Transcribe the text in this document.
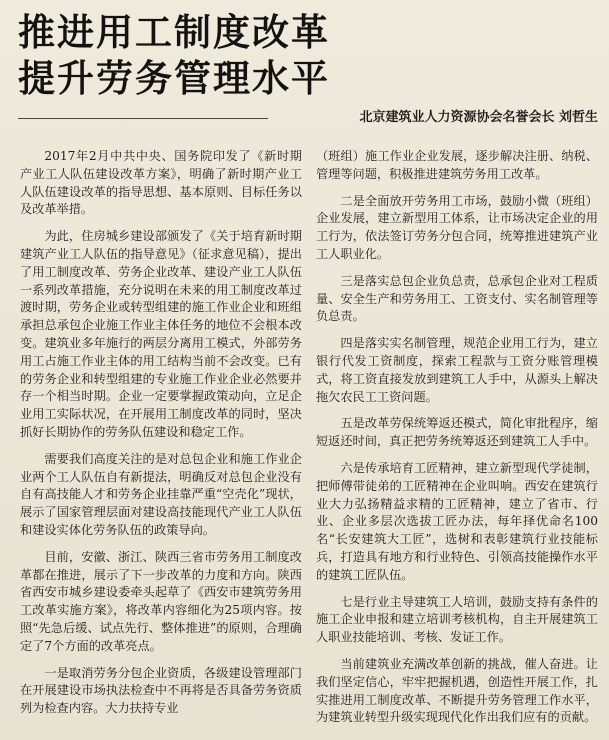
推进用工制度改革
提升劳务管理水平
北京建筑业人力资源协会名誉会长 刘哲生

2017年2月中共中央、国务院印发了《新时期产业工人队伍建设改革方案》，明确了新时期产业工人队伍建设改革的指导思想、基本原则、目标任务以及改革举措。

为此，住房城乡建设部颁发了《关于培育新时期建筑产业工人队伍的指导意见》（征求意见稿），提出了用工制度改革、劳务企业改革、建设产业工人队伍一系列改革措施，充分说明在未来的用工制度改革过渡时期，劳务企业或转型组建的施工作业企业和班组承担总承包企业施工作业主体任务的地位不会根本改变。建筑业多年施行的两层分离用工模式，外部劳务用工占施工作业主体的用工结构当前不会改变。已有的劳务企业和转型组建的专业施工作业企业必然要并存一个相当时期。企业一定要掌握政策动向，立足企业用工实际状况，在开展用工制度改革的同时，坚决抓好长期协作的劳务队伍建设和稳定工作。

需要我们高度关注的是对总包企业和施工作业企业两个工人队伍自有新提法，明确反对总包企业没有自有高技能人才和劳务企业挂靠严重“空壳化”现状，展示了国家管理层面对建设高技能现代产业工人队伍和建设实体化劳务队伍的政策导向。

目前，安徽、浙江、陕西三省市劳务用工制度改革都在推进，展示了下一步改革的力度和方向。陕西省西安市城乡建设委牵头起草了《西安市建筑劳务用工改革实施方案》，将改革内容细化为25项内容。按照“先急后缓、试点先行、整体推进”的原则，合理确定了7个方面的改革亮点。

一是取消劳务分包企业资质，各级建设管理部门在开展建设市场执法检查中不再将是否具备劳务资质列为检查内容。大力扶持专业

（班组）施工作业企业发展，逐步解决注册、纳税、管理等问题，积极推进建筑劳务用工改革。

二是全面放开劳务用工市场，鼓励小微（班组）企业发展，建立新型用工体系，让市场决定企业的用工行为，依法签订劳务分包合同，统筹推进建筑产业工人职业化。

三是落实总包企业负总责，总承包企业对工程质量、安全生产和劳务用工、工资支付、实名制管理等负总责。

四是落实实名制管理，规范企业用工行为，建立银行代发工资制度，探索工程款与工资分账管理模式，将工资直接发放到建筑工人手中，从源头上解决拖欠农民工工资问题。

五是改革劳保统筹返还模式，简化审批程序，缩短返还时间，真正把劳务统筹返还到建筑工人手中。

六是传承培育工匠精神，建立新型现代学徒制，把师傅带徒弟的工匠精神在企业叫响。西安在建筑行业大力弘扬精益求精的工匠精神，建立了省市、行业、企业多层次选拔工匠办法，每年择优命名100名“长安建筑大工匠”，选树和表彰建筑行业技能标兵，打造具有地方和行业特色、引领高技能操作水平的建筑工匠队伍。

七是行业主导建筑工人培训，鼓励支持有条件的施工企业申报和建立培训考核机构，自主开展建筑工人职业技能培训、考核、发证工作。

当前建筑业充满改革创新的挑战，催人奋进。让我们坚定信心，牢牢把握机遇，创造性开展工作，扎实推进用工制度改革、不断提升劳务管理工作水平，为建筑业转型升级实现现代化作出我们应有的贡献。
